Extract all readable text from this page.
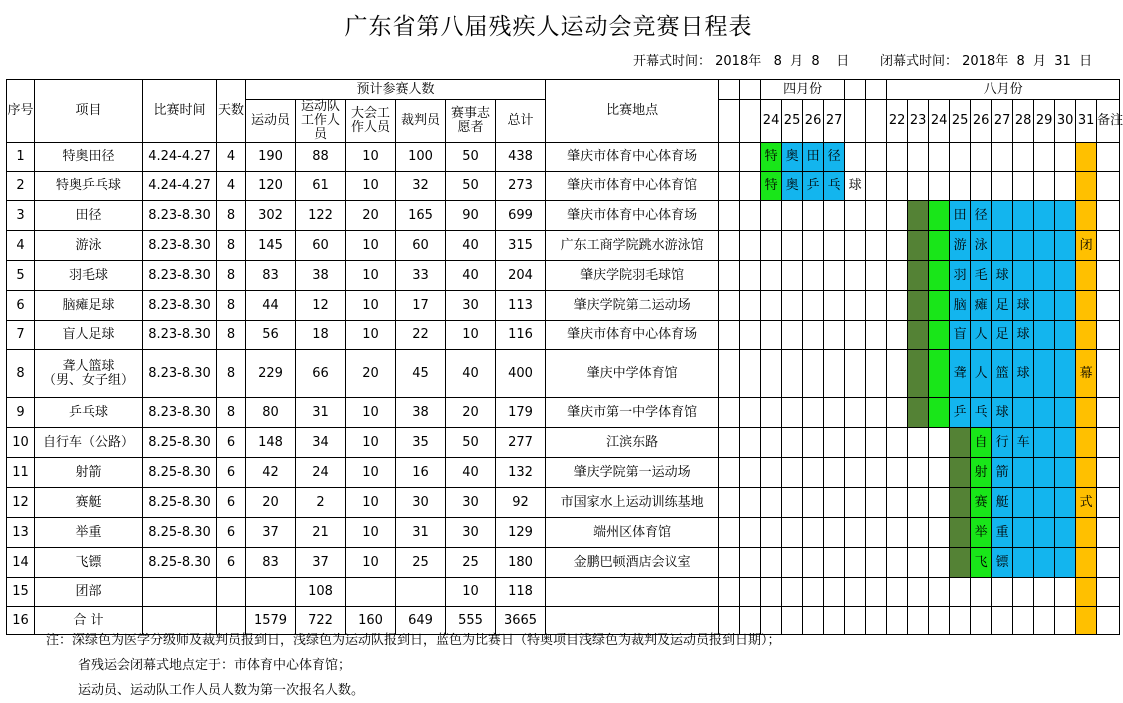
广东省第八届残疾人运动会竞赛日程表
开幕式时间： 2018年   8  月  8    日 闭幕式时间： 2018年  8  月  31  日
序号	项目	比赛时间	天数	预计参赛人数						比赛地点			四月份						八月份										
				运动员	运动队工作人员	大会工作人员	裁判员	赛事志愿者	总计				24	25	26	27			22	23	24	25	26	27	28	29	30	31	备注
1	特奥田径	4.24-4.27	4	190	88	10	100	50	438	肇庆市体育中心体育场			特	奥	田	径													
2	特奥乒乓球	4.24-4.27	4	120	61	10	32	50	273	肇庆市体育中心体育馆			特	奥	乒	乓	球												
3	田径	8.23-8.30	8	302	122	20	165	90	699	肇庆市体育中心体育场												田	径						
4	游泳	8.23-8.30	8	145	60	10	60	40	315	广东工商学院跳水游泳馆												游	泳					闭	
5	羽毛球	8.23-8.30	8	83	38	10	33	40	204	肇庆学院羽毛球馆												羽	毛	球					
6	脑瘫足球	8.23-8.30	8	44	12	10	17	30	113	肇庆学院第二运动场												脑	瘫	足	球				
7	盲人足球	8.23-8.30	8	56	18	10	22	10	116	肇庆市体育中心体育场												盲	人	足	球				
8	聋人篮球
（男、女子组）	8.23-8.30	8	229	66	20	45	40	400	肇庆中学体育馆												聋	人	篮	球			幕	
9	乒乓球	8.23-8.30	8	80	31	10	38	20	179	肇庆市第一中学体育馆												乒	乓	球					
10	自行车（公路）	8.25-8.30	6	148	34	10	35	50	277	江滨东路													自	行	车				
11	射箭	8.25-8.30	6	42	24	10	16	40	132	肇庆学院第一运动场													射	箭					
12	赛艇	8.25-8.30	6	20	2	10	30	30	92	市国家水上运动训练基地													赛	艇				式	
13	举重	8.25-8.30	6	37	21	10	31	30	129	端州区体育馆													举	重					
14	飞镖	8.25-8.30	6	83	37	10	25	25	180	金鹏巴顿酒店会议室													飞	镖					
15	团部				108			10	118																				
16	合 计			1579	722	160	649	555	3665																				
注：深绿色为医学分级师及裁判员报到日，浅绿色为运动队报到日，蓝色为比赛日（特奥项目浅绿色为裁判及运动员报到日期）；
省残运会闭幕式地点定于：市体育中心体育馆；
运动员、运动队工作人员人数为第一次报名人数。
